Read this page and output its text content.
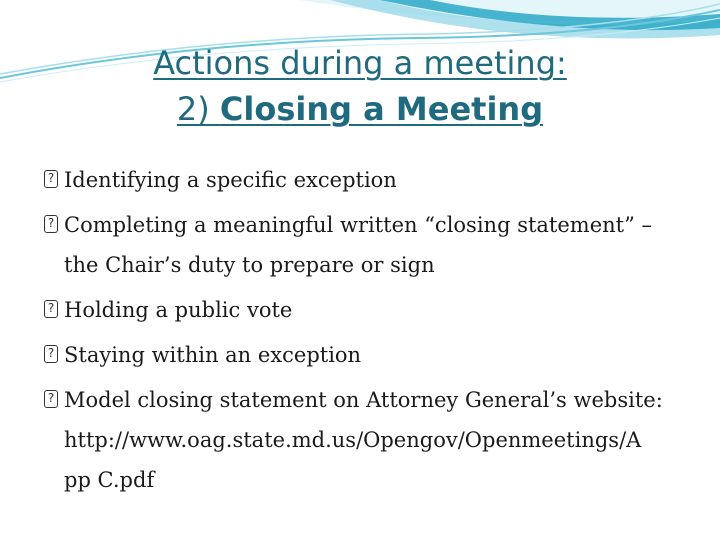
Actions during a meeting:
2) Closing a Meeting
? Identifying a specific exception
? Completing a meaningful written “closing statement” –
the Chair’s duty to prepare or sign
? Holding a public vote
? Staying within an exception
? Model closing statement on Attorney General’s website:
http://www.oag.state.md.us/Opengov/Openmeetings/A
pp C.pdf
